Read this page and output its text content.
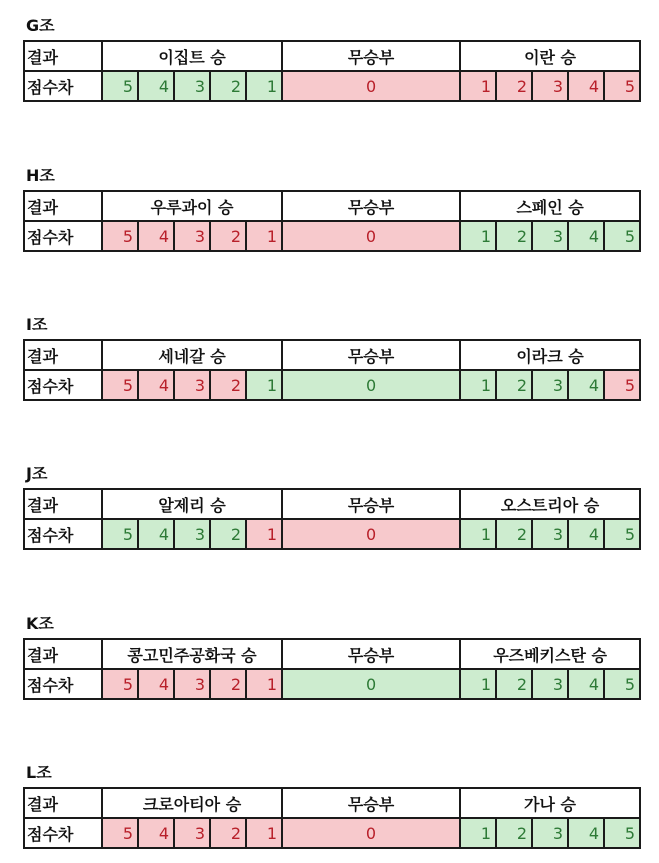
G조
결과	이집트 승					무승부	이란 승				
점수차	5	4	3	2	1	0	1	2	3	4	5
H조
결과	우루과이 승					무승부	스페인 승				
점수차	5	4	3	2	1	0	1	2	3	4	5
I조
결과	세네갈 승					무승부	이라크 승				
점수차	5	4	3	2	1	0	1	2	3	4	5
J조
결과	알제리 승					무승부	오스트리아 승				
점수차	5	4	3	2	1	0	1	2	3	4	5
K조
결과	콩고민주공화국 승					무승부	우즈베키스탄 승				
점수차	5	4	3	2	1	0	1	2	3	4	5
L조
결과	크로아티아 승					무승부	가나 승				
점수차	5	4	3	2	1	0	1	2	3	4	5
